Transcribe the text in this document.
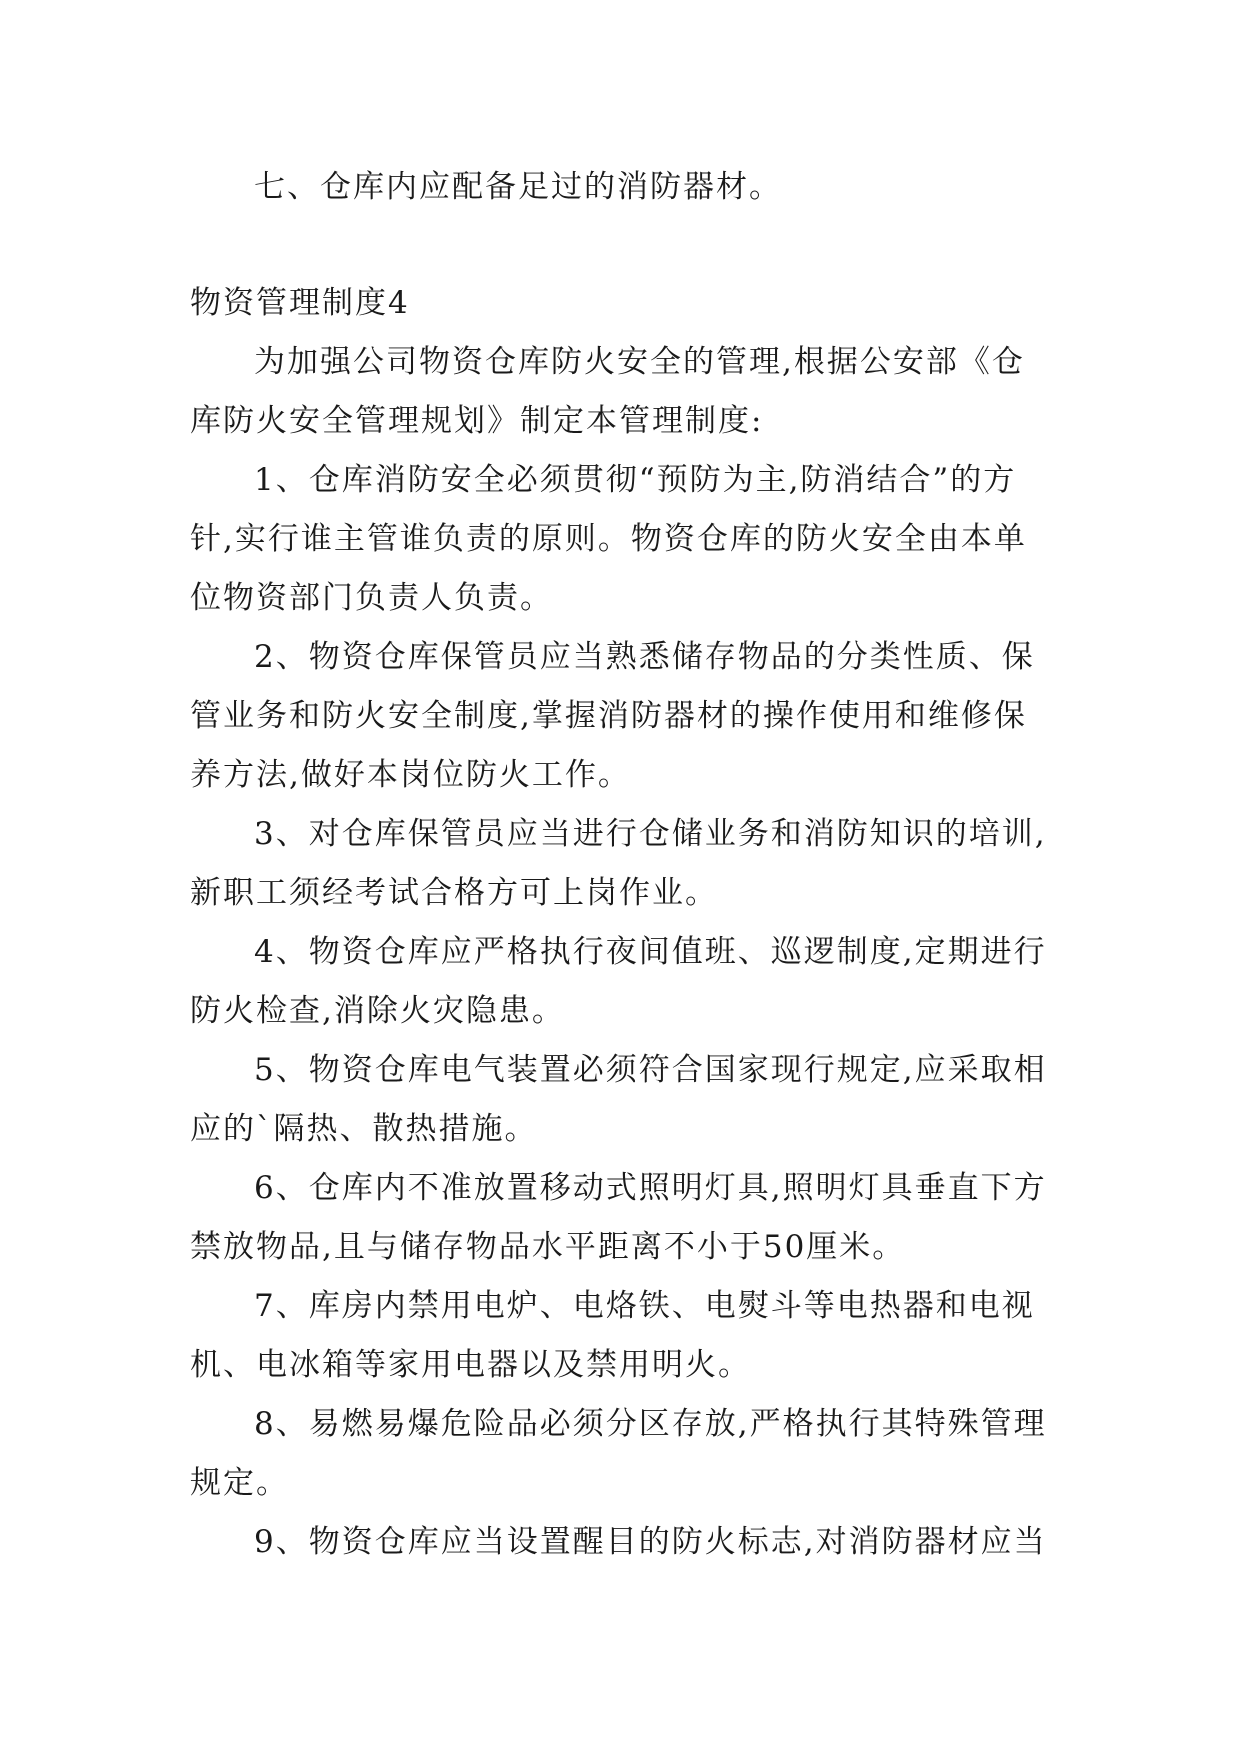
七、仓库内应配备足过的消防器材。
物资管理制度4
为加强公司物资仓库防火安全的管理,根据公安部《仓
库防火安全管理规划》制定本管理制度:
1、仓库消防安全必须贯彻“预防为主,防消结合”的方
针,实行谁主管谁负责的原则。物资仓库的防火安全由本单
位物资部门负责人负责。
2、物资仓库保管员应当熟悉储存物品的分类性质、保
管业务和防火安全制度,掌握消防器材的操作使用和维修保
养方法,做好本岗位防火工作。
3、对仓库保管员应当进行仓储业务和消防知识的培训,
新职工须经考试合格方可上岗作业。
4、物资仓库应严格执行夜间值班、巡逻制度,定期进行
防火检查,消除火灾隐患。
5、物资仓库电气装置必须符合国家现行规定,应采取相
应的`隔热、散热措施。
6、仓库内不准放置移动式照明灯具,照明灯具垂直下方
禁放物品,且与储存物品水平距离不小于50厘米。
7、库房内禁用电炉、电烙铁、电熨斗等电热器和电视
机、电冰箱等家用电器以及禁用明火。
8、易燃易爆危险品必须分区存放,严格执行其特殊管理
规定。
9、物资仓库应当设置醒目的防火标志,对消防器材应当
